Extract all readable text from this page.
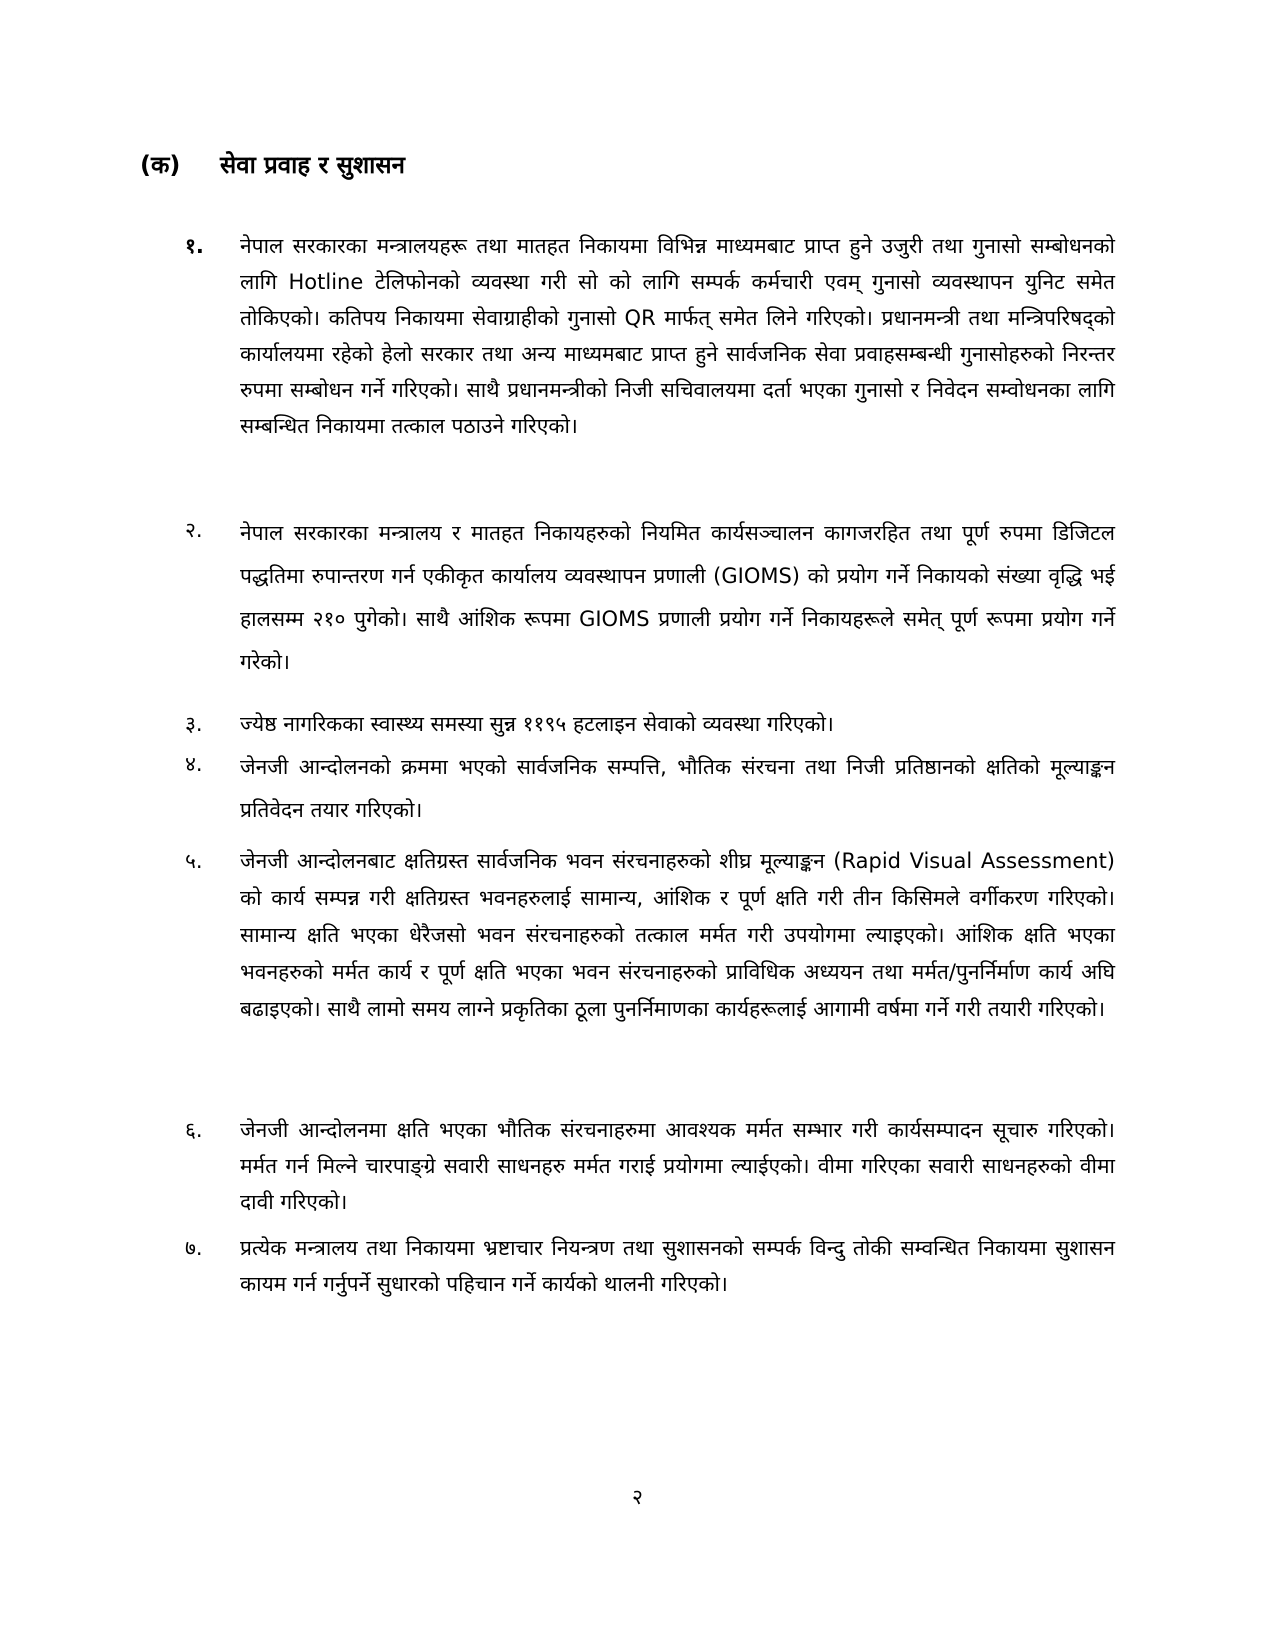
(क) सेवा प्रवाह र सुशासन
१. नेपाल सरकारका मन्त्रालयहरू तथा मातहत निकायमा विभिन्न माध्यमबाट प्राप्त हुने उजुरी तथा गुनासो सम्बोधनको लागि Hotline टेलिफोनको व्यवस्था गरी सो को लागि सम्पर्क कर्मचारी एवम् गुनासो व्यवस्थापन युनिट समेत तोकिएको। कतिपय निकायमा सेवाग्राहीको गुनासो QR मार्फत् समेत लिने गरिएको। प्रधानमन्त्री तथा मन्त्रिपरिषद्को कार्यालयमा रहेको हेलो सरकार तथा अन्य माध्यमबाट प्राप्त हुने सार्वजनिक सेवा प्रवाहसम्बन्धी गुनासोहरुको निरन्तर रुपमा सम्बोधन गर्ने गरिएको। साथै प्रधानमन्त्रीको निजी सचिवालयमा दर्ता भएका गुनासो र निवेदन सम्वोधनका लागि सम्बन्धित निकायमा तत्काल पठाउने गरिएको।
२. नेपाल सरकारका मन्त्रालय र मातहत निकायहरुको नियमित कार्यसञ्चालन कागजरहित तथा पूर्ण रुपमा डिजिटल पद्धतिमा रुपान्तरण गर्न एकीकृत कार्यालय व्यवस्थापन प्रणाली (GIOMS) को प्रयोग गर्ने निकायको संख्या वृद्धि भई हालसम्म २१० पुगेको। साथै आंशिक रूपमा GIOMS प्रणाली प्रयोग गर्ने निकायहरूले समेत् पूर्ण रूपमा प्रयोग गर्ने गरेको।
३. ज्येष्ठ नागरिकका स्वास्थ्य समस्या सुन्न ११९५ हटलाइन सेवाको व्यवस्था गरिएको।
४. जेनजी आन्दोलनको क्रममा भएको सार्वजनिक सम्पत्ति, भौतिक संरचना तथा निजी प्रतिष्ठानको क्षतिको मूल्याङ्कन प्रतिवेदन तयार गरिएको।
५. जेनजी आन्दोलनबाट क्षतिग्रस्त सार्वजनिक भवन संरचनाहरुको शीघ्र मूल्याङ्कन (Rapid Visual Assessment) को कार्य सम्पन्न गरी क्षतिग्रस्त भवनहरुलाई सामान्य, आंशिक र पूर्ण क्षति गरी तीन किसिमले वर्गीकरण गरिएको। सामान्य क्षति भएका धेरैजसो भवन संरचनाहरुको तत्काल मर्मत गरी उपयोगमा ल्याइएको। आंशिक क्षति भएका भवनहरुको मर्मत कार्य र पूर्ण क्षति भएका भवन संरचनाहरुको प्राविधिक अध्ययन तथा मर्मत/पुनर्निर्माण कार्य अघि बढाइएको। साथै लामो समय लाग्ने प्रकृतिका ठूला पुनर्निमाणका कार्यहरूलाई आगामी वर्षमा गर्ने गरी तयारी गरिएको।
६. जेनजी आन्दोलनमा क्षति भएका भौतिक संरचनाहरुमा आवश्यक मर्मत सम्भार गरी कार्यसम्पादन सूचारु गरिएको। मर्मत गर्न मिल्ने चारपाङ्ग्रे सवारी साधनहरु मर्मत गराई प्रयोगमा ल्याईएको। वीमा गरिएका सवारी साधनहरुको वीमा दावी गरिएको।
७. प्रत्येक मन्त्रालय तथा निकायमा भ्रष्टाचार नियन्त्रण तथा सुशासनको सम्पर्क विन्दु तोकी सम्वन्धित निकायमा सुशासन कायम गर्न गर्नुपर्ने सुधारको पहिचान गर्ने कार्यको थालनी गरिएको।
२
